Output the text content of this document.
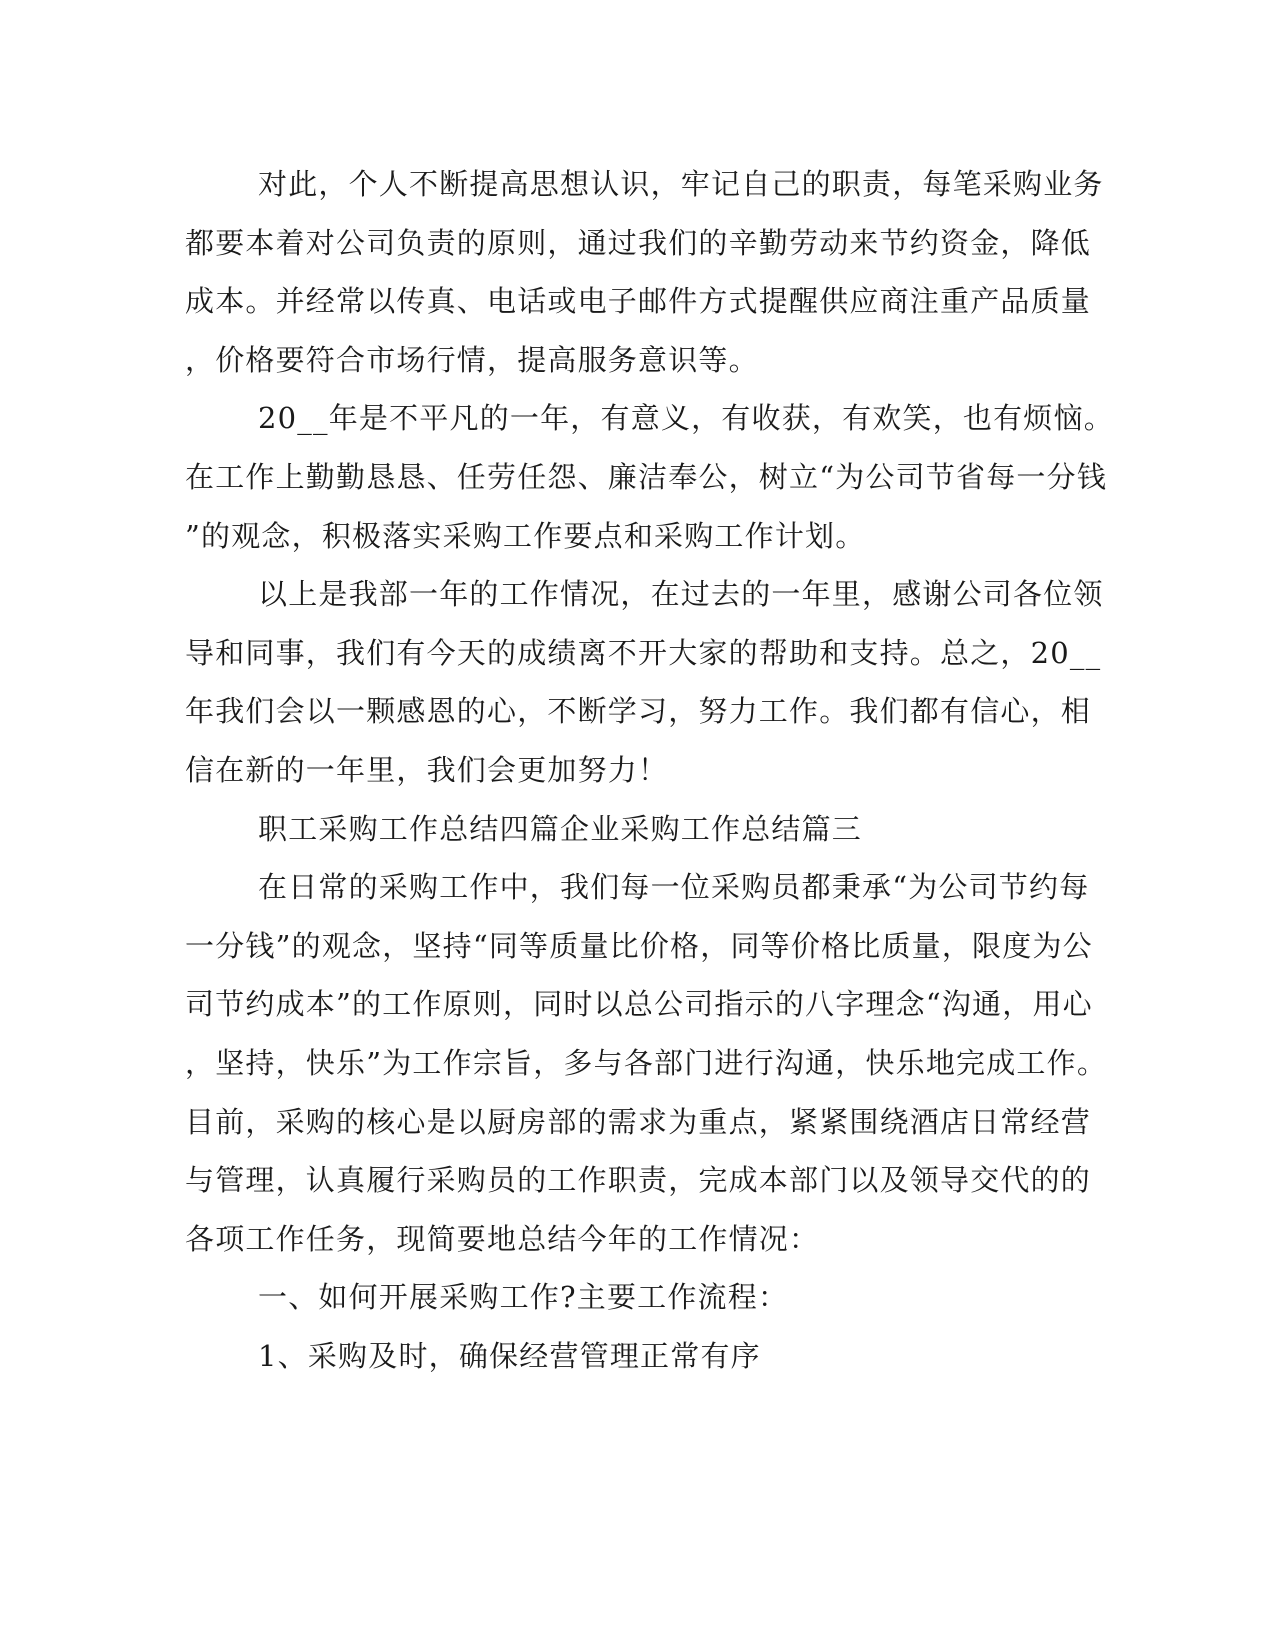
对此，个人不断提高思想认识，牢记自己的职责，每笔采购业务
都要本着对公司负责的原则，通过我们的辛勤劳动来节约资金，降低
成本。并经常以传真、电话或电子邮件方式提醒供应商注重产品质量
，价格要符合市场行情，提高服务意识等。
20__年是不平凡的一年，有意义，有收获，有欢笑，也有烦恼。
在工作上勤勤恳恳、任劳任怨、廉洁奉公，树立“为公司节省每一分钱
”的观念，积极落实采购工作要点和采购工作计划。
以上是我部一年的工作情况，在过去的一年里，感谢公司各位领
导和同事，我们有今天的成绩离不开大家的帮助和支持。总之，20__
年我们会以一颗感恩的心，不断学习，努力工作。我们都有信心，相
信在新的一年里，我们会更加努力！
职工采购工作总结四篇企业采购工作总结篇三
在日常的采购工作中，我们每一位采购员都秉承“为公司节约每
一分钱”的观念，坚持“同等质量比价格，同等价格比质量，限度为公
司节约成本”的工作原则，同时以总公司指示的八字理念“沟通，用心
，坚持，快乐”为工作宗旨，多与各部门进行沟通，快乐地完成工作。
目前，采购的核心是以厨房部的需求为重点，紧紧围绕酒店日常经营
与管理，认真履行采购员的工作职责，完成本部门以及领导交代的的
各项工作任务，现简要地总结今年的工作情况：
一、如何开展采购工作?主要工作流程：
1、采购及时，确保经营管理正常有序
